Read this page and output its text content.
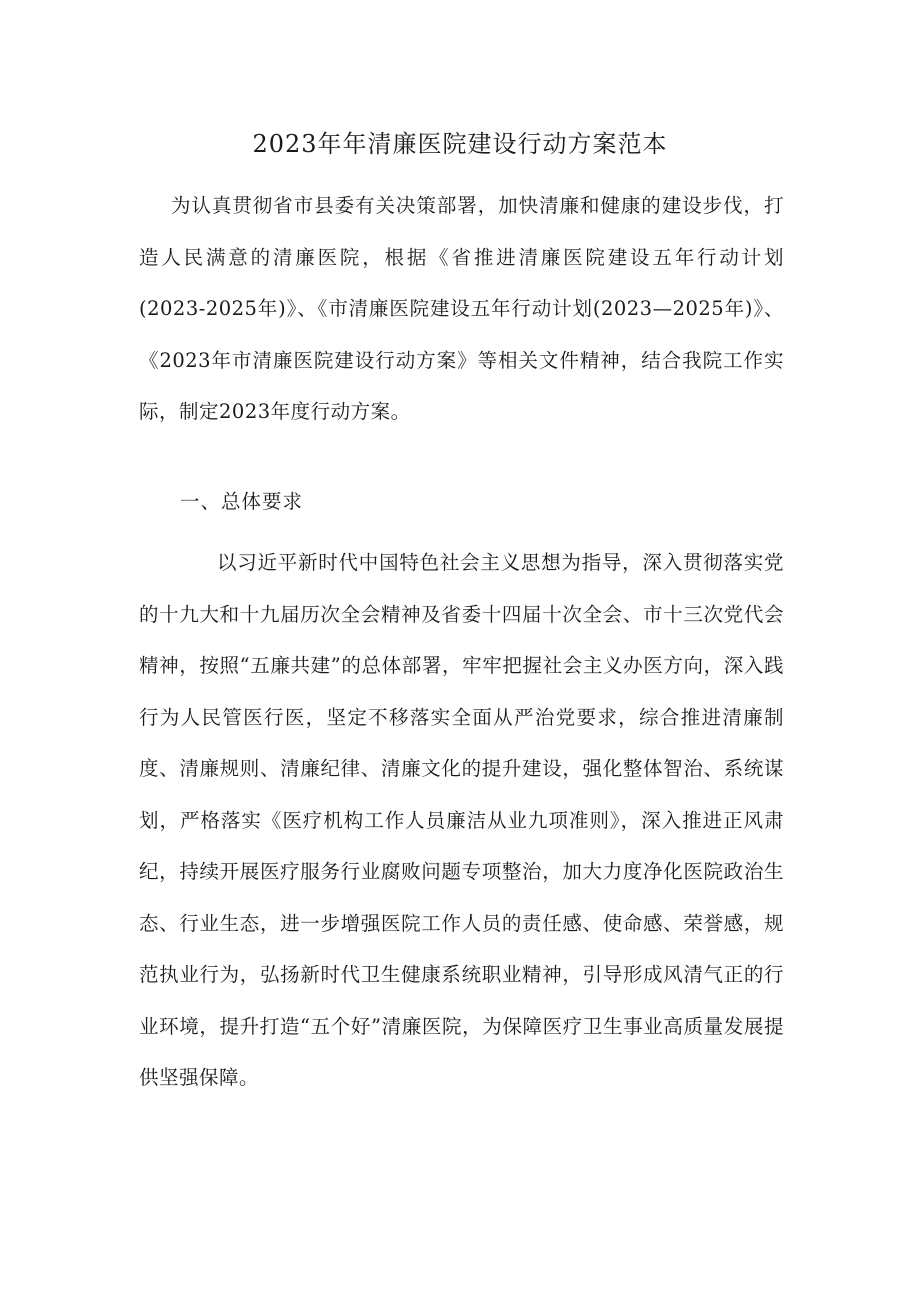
2023年年清廉医院建设行动方案范本

为认真贯彻省市县委有关决策部署，加快清廉和健康的建设步伐，打造人民满意的清廉医院，根据《省推进清廉医院建设五年行动计划(2023-2025年)》、《市清廉医院建设五年行动计划(2023—2025年)》、《2023年市清廉医院建设行动方案》等相关文件精神，结合我院工作实际，制定2023年度行动方案。

一、总体要求

以习近平新时代中国特色社会主义思想为指导，深入贯彻落实党的十九大和十九届历次全会精神及省委十四届十次全会、市十三次党代会精神，按照“五廉共建”的总体部署，牢牢把握社会主义办医方向，深入践行为人民管医行医，坚定不移落实全面从严治党要求，综合推进清廉制度、清廉规则、清廉纪律、清廉文化的提升建设，强化整体智治、系统谋划，严格落实《医疗机构工作人员廉洁从业九项准则》，深入推进正风肃纪，持续开展医疗服务行业腐败问题专项整治，加大力度净化医院政治生态、行业生态，进一步增强医院工作人员的责任感、使命感、荣誉感，规范执业行为，弘扬新时代卫生健康系统职业精神，引导形成风清气正的行业环境，提升打造“五个好”清廉医院，为保障医疗卫生事业高质量发展提供坚强保障。
